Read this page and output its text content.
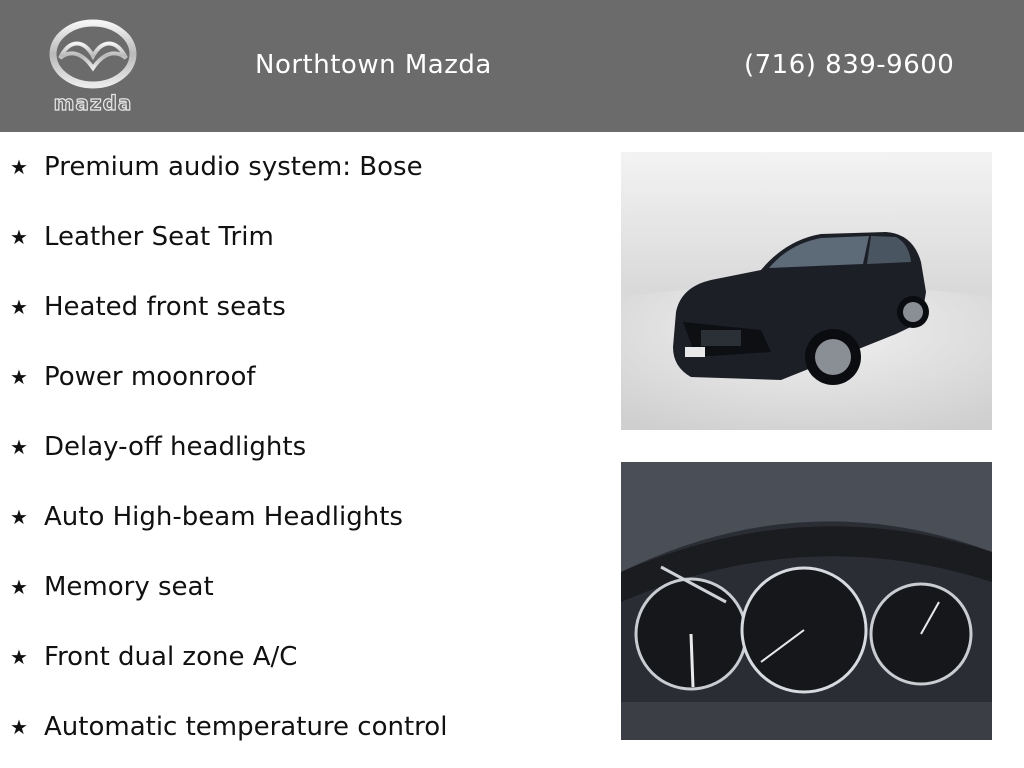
mazda
Northtown Mazda	(716) 839-9600
★ Premium audio system: Bose
★ Leather Seat Trim
★ Heated front seats
★ Power moonroof
★ Delay-off headlights
★ Auto High-beam Headlights
★ Memory seat
★ Front dual zone A/C
★ Automatic temperature control
